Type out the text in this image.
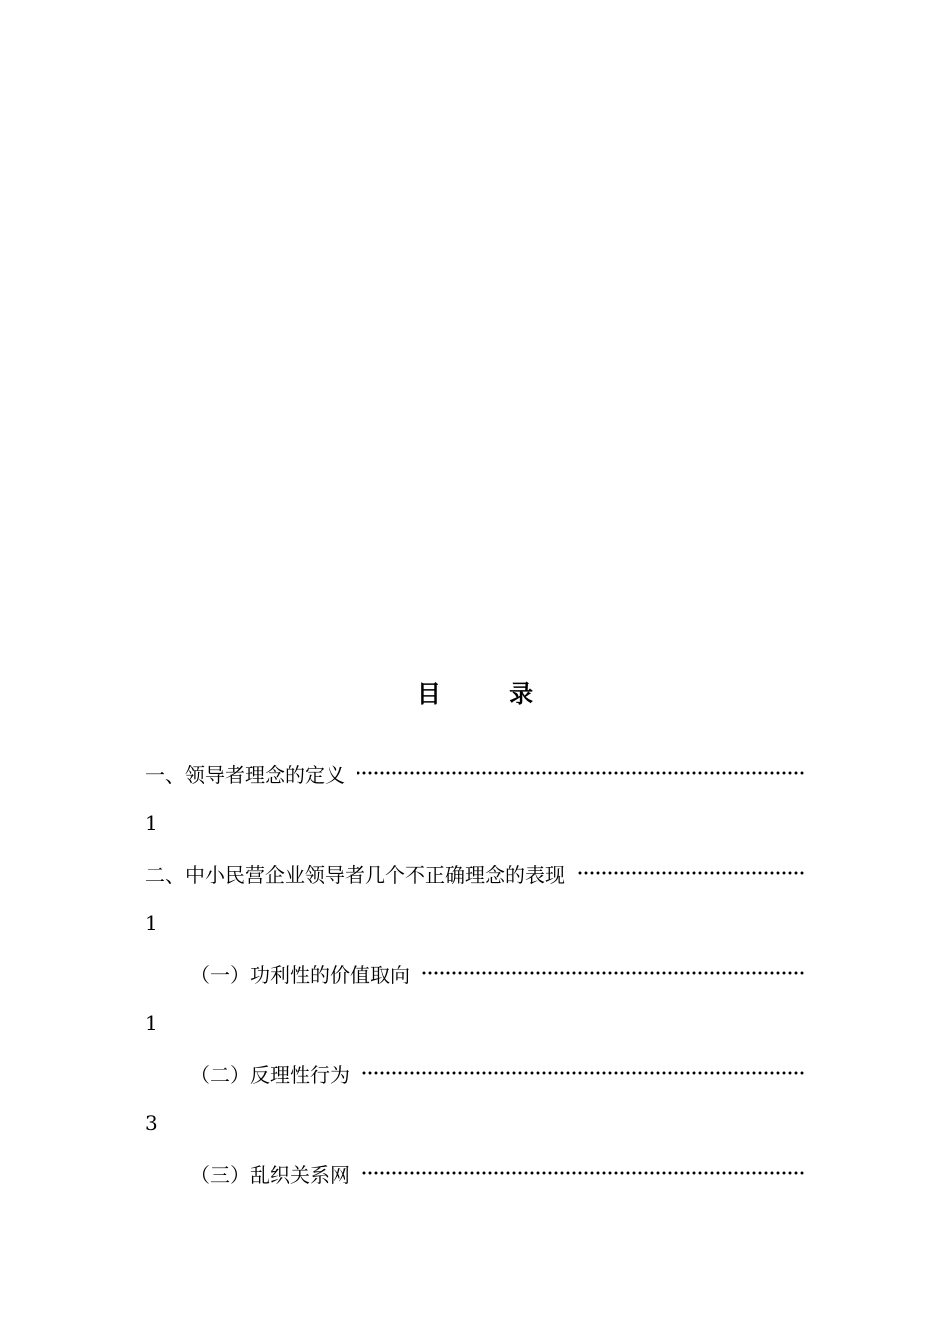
目 录
一、领导者理念的定义
1
二、中小民营企业领导者几个不正确理念的表现
1
（一）功利性的价值取向
1
（二）反理性行为
3
（三）乱织关系网
